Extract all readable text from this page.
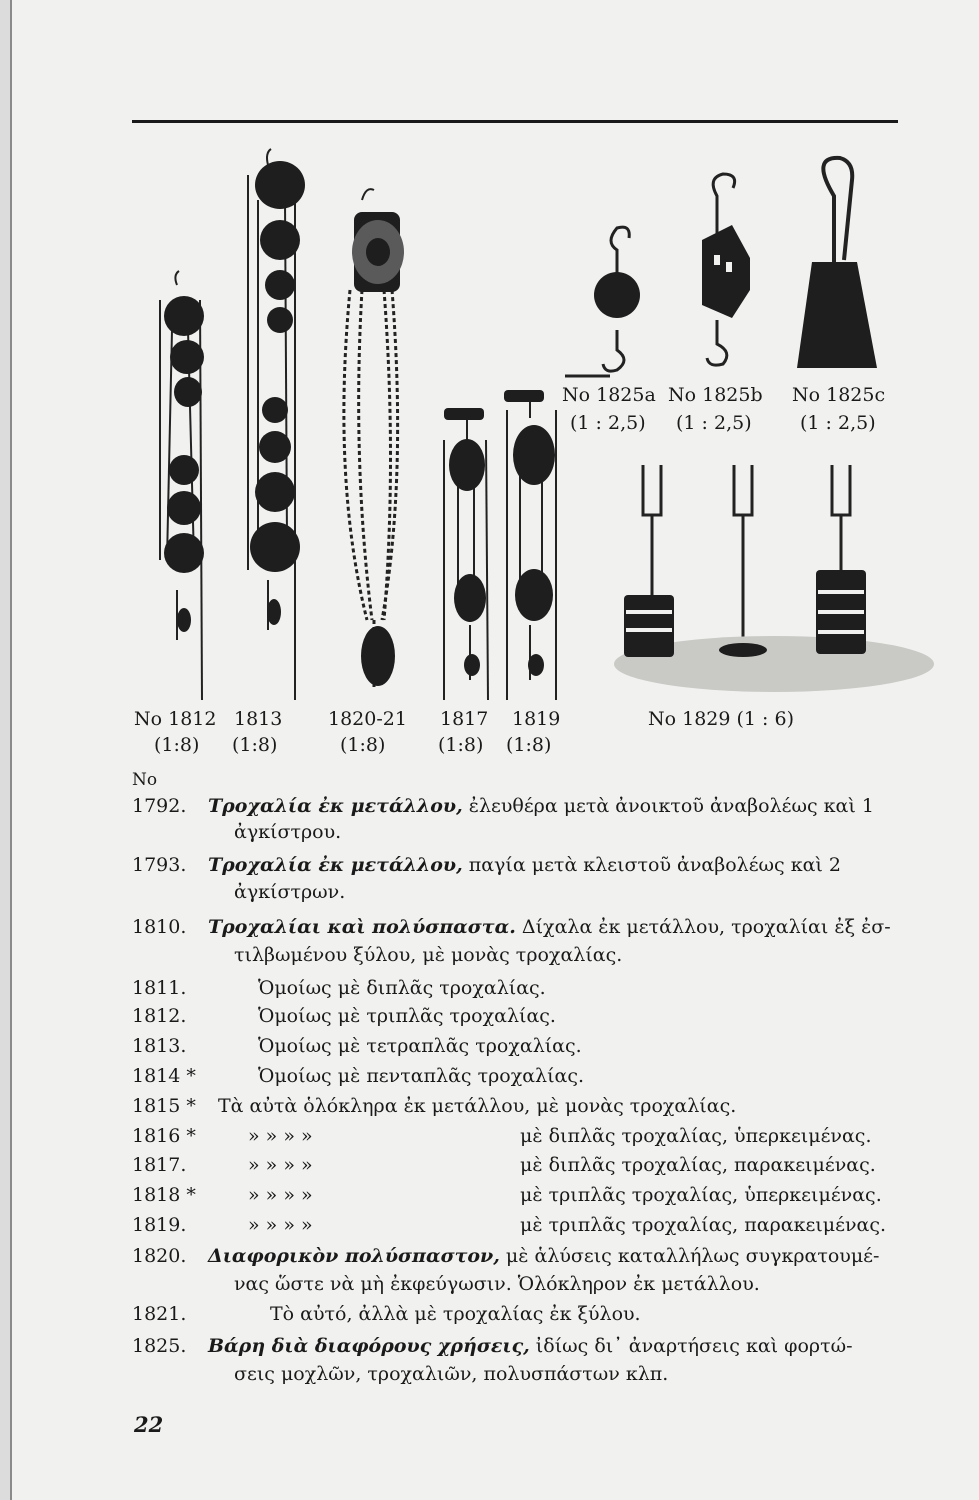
No 1812
(1:8)
1813
(1:8)
1820-21
(1:8)
1817
(1:8)
1819
(1:8)
No 1829 (1 : 6)
No 1825a
(1 : 2,5)
No 1825b
(1 : 2,5)
No 1825c
(1 : 2,5)
No
1792.	Τροχαλία ἐκ μετάλλου, ἐλευθέρα μετὰ ἀνοικτοῦ ἀναβολέως καὶ 1
ἀγκίστρου.
1793.	Τροχαλία ἐκ μετάλλου, παγία μετὰ κλειστοῦ ἀναβολέως καὶ 2
ἀγκίστρων.
1810.	Τροχαλίαι καὶ πολύσπαστα. Δίχαλα ἐκ μετάλλου, τροχαλίαι ἐξ ἐσ-
τιλβωμένου ξύλου, μὲ μονὰς τροχαλίας.
1811.	Ὁμοίως μὲ διπλᾶς τροχαλίας.
1812.	Ὁμοίως μὲ τριπλᾶς τροχαλίας.
1813.	Ὁμοίως μὲ τετραπλᾶς τροχαλίας.
1814 *	Ὁμοίως μὲ πενταπλᾶς τροχαλίας.
1815 *	Τὰ αὐτὰ ὁλόκληρα ἐκ μετάλλου, μὲ μονὰς τροχαλίας.
1816 *	» » » »	μὲ διπλᾶς τροχαλίας, ὑπερκειμένας.
1817.	» » » »	μὲ διπλᾶς τροχαλίας, παρακειμένας.
1818 *	» » » »	μὲ τριπλᾶς τροχαλίας, ὑπερκειμένας.
1819.	» » » »	μὲ τριπλᾶς τροχαλίας, παρακειμένας.
1820.	Διαφορικὸν πολύσπαστον, μὲ ἁλύσεις καταλλήλως συγκρατουμέ-
νας ὥστε νὰ μὴ ἐκφεύγωσιν. Ὁλόκληρον ἐκ μετάλλου.
1821.	Τὸ αὐτό, ἀλλὰ μὲ τροχαλίας ἐκ ξύλου.
1825.	Βάρη διὰ διαφόρους χρήσεις, ἰδίως δι᾽ ἀναρτήσεις καὶ φορτώ-
σεις μοχλῶν, τροχαλιῶν, πολυσπάστων κλπ.
22
